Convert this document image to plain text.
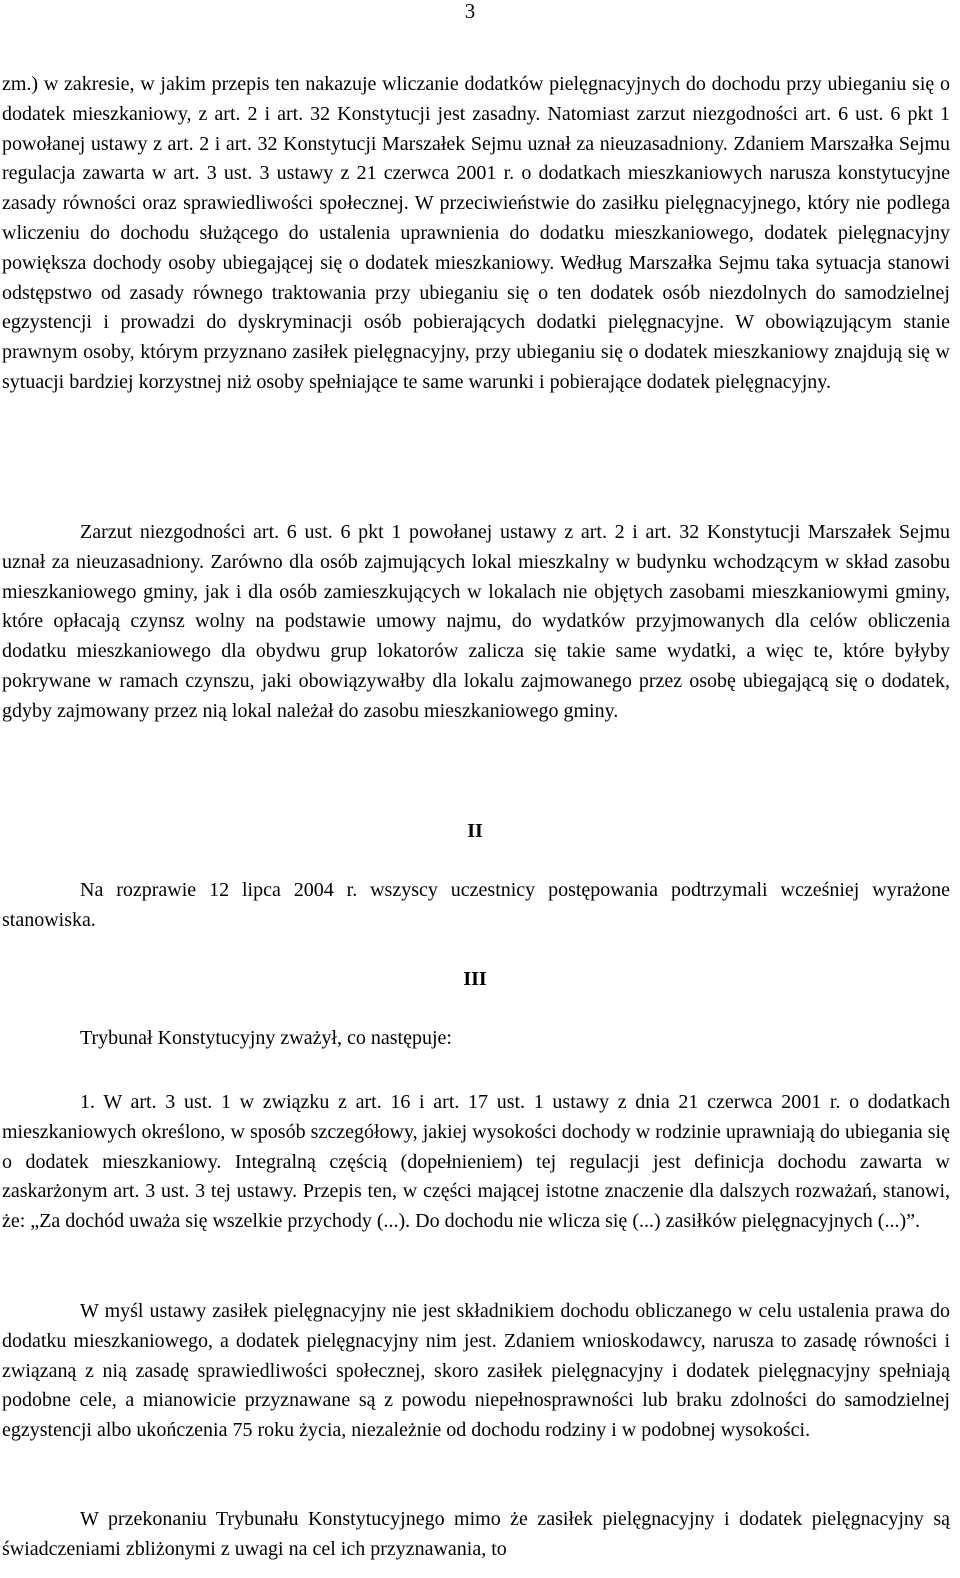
3

zm.) w zakresie, w jakim przepis ten nakazuje wliczanie dodatków pielęgnacyjnych do dochodu przy ubieganiu się o dodatek mieszkaniowy, z art. 2 i art. 32 Konstytucji jest zasadny. Natomiast zarzut niezgodności art. 6 ust. 6 pkt 1 powołanej ustawy z art. 2 i art. 32 Konstytucji Marszałek Sejmu uznał za nieuzasadniony. Zdaniem Marszałka Sejmu regulacja zawarta w art. 3 ust. 3 ustawy z 21 czerwca 2001 r. o dodatkach mieszkaniowych narusza konstytucyjne zasady równości oraz sprawiedliwości społecznej. W przeciwieństwie do zasiłku pielęgnacyjnego, który nie podlega wliczeniu do dochodu służącego do ustalenia uprawnienia do dodatku mieszkaniowego, dodatek pielęgnacyjny powiększa dochody osoby ubiegającej się o dodatek mieszkaniowy. Według Marszałka Sejmu taka sytuacja stanowi odstępstwo od zasady równego traktowania przy ubieganiu się o ten dodatek osób niezdolnych do samodzielnej egzystencji i prowadzi do dyskryminacji osób pobierających dodatki pielęgnacyjne. W obowiązującym stanie prawnym osoby, którym przyznano zasiłek pielęgnacyjny, przy ubieganiu się o dodatek mieszkaniowy znajdują się w sytuacji bardziej korzystnej niż osoby spełniające te same warunki i pobierające dodatek pielęgnacyjny.

Zarzut niezgodności art. 6 ust. 6 pkt 1 powołanej ustawy z art. 2 i art. 32 Konstytucji Marszałek Sejmu uznał za nieuzasadniony. Zarówno dla osób zajmujących lokal mieszkalny w budynku wchodzącym w skład zasobu mieszkaniowego gminy, jak i dla osób zamieszkujących w lokalach nie objętych zasobami mieszkaniowymi gminy, które opłacają czynsz wolny na podstawie umowy najmu, do wydatków przyjmowanych dla celów obliczenia dodatku mieszkaniowego dla obydwu grup lokatorów zalicza się takie same wydatki, a więc te, które byłyby pokrywane w ramach czynszu, jaki obowiązywałby dla lokalu zajmowanego przez osobę ubiegającą się o dodatek, gdyby zajmowany przez nią lokal należał do zasobu mieszkaniowego gminy.

II

Na rozprawie 12 lipca 2004 r. wszyscy uczestnicy postępowania podtrzymali wcześniej wyrażone stanowiska.

III

Trybunał Konstytucyjny zważył, co następuje:

1. W art. 3 ust. 1 w związku z art. 16 i art. 17 ust. 1 ustawy z dnia 21 czerwca 2001 r. o dodatkach mieszkaniowych określono, w sposób szczegółowy, jakiej wysokości dochody w rodzinie uprawniają do ubiegania się o dodatek mieszkaniowy. Integralną częścią (dopełnieniem) tej regulacji jest definicja dochodu zawarta w zaskarżonym art. 3 ust. 3 tej ustawy. Przepis ten, w części mającej istotne znaczenie dla dalszych rozważań, stanowi, że: „Za dochód uważa się wszelkie przychody (...). Do dochodu nie wlicza się (...) zasiłków pielęgnacyjnych (...)”.

W myśl ustawy zasiłek pielęgnacyjny nie jest składnikiem dochodu obliczanego w celu ustalenia prawa do dodatku mieszkaniowego, a dodatek pielęgnacyjny nim jest. Zdaniem wnioskodawcy, narusza to zasadę równości i związaną z nią zasadę sprawiedliwości społecznej, skoro zasiłek pielęgnacyjny i dodatek pielęgnacyjny spełniają podobne cele, a mianowicie przyznawane są z powodu niepełnosprawności lub braku zdolności do samodzielnej egzystencji albo ukończenia 75 roku życia, niezależnie od dochodu rodziny i w podobnej wysokości.

W przekonaniu Trybunału Konstytucyjnego mimo że zasiłek pielęgnacyjny i dodatek pielęgnacyjny są świadczeniami zbliżonymi z uwagi na cel ich przyznawania, to
